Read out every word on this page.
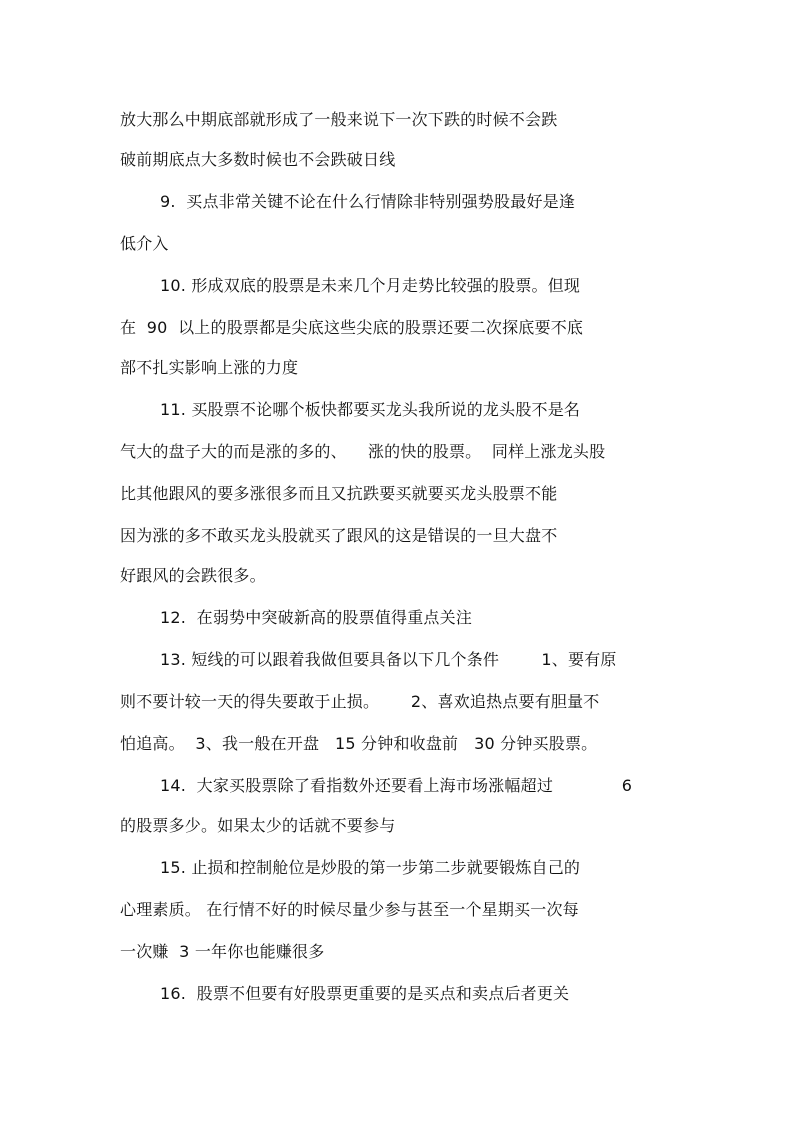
放大那么中期底部就形成了一般来说下一次下跌的时候不会跌
破前期底点大多数时候也不会跌破日线
9.  买点非常关键不论在什么行情除非特别强势股最好是逢
低介入
10. 形成双底的股票是未来几个月走势比较强的股票。但现
在  90  以上的股票都是尖底这些尖底的股票还要二次探底要不底
部不扎实影响上涨的力度
11. 买股票不论哪个板快都要买龙头我所说的龙头股不是名
气大的盘子大的而是涨的多的、    涨的快的股票。  同样上涨龙头股
比其他跟风的要多涨很多而且又抗跌要买就要买龙头股票不能
因为涨的多不敢买龙头股就买了跟风的这是错误的一旦大盘不
好跟风的会跌很多。
12.  在弱势中突破新高的股票值得重点关注
13. 短线的可以跟着我做但要具备以下几个条件        1、要有原
则不要计较一天的得失要敢于止损。      2、喜欢追热点要有胆量不
怕追高。  3、我一般在开盘   15 分钟和收盘前   30 分钟买股票。
14.  大家买股票除了看指数外还要看上海市场涨幅超过             6
的股票多少。如果太少的话就不要参与
15. 止损和控制舱位是炒股的第一步第二步就要锻炼自己的
心理素质。 在行情不好的时候尽量少参与甚至一个星期买一次每
一次赚  3 一年你也能赚很多
16.  股票不但要有好股票更重要的是买点和卖点后者更关
